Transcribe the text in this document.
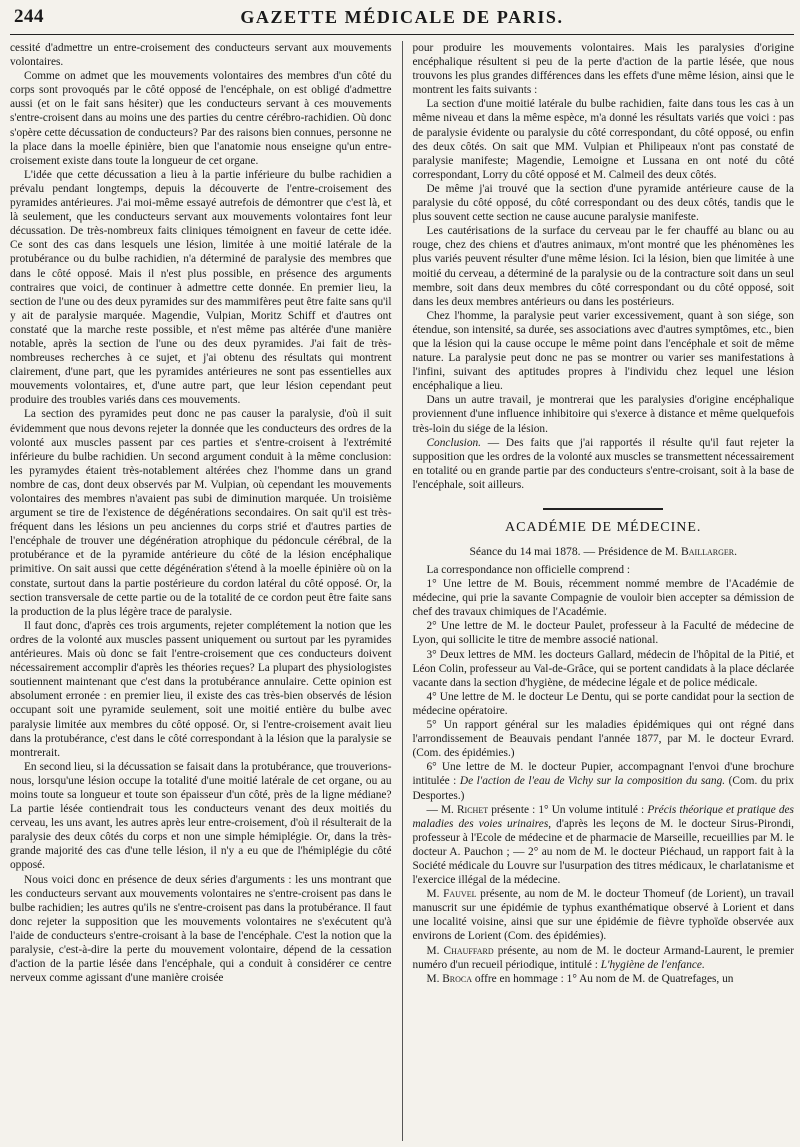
244	GAZETTE MÉDICALE DE PARIS.

cessité d'admettre un entre-croisement des conducteurs servant aux mouvements volontaires.

Comme on admet que les mouvements volontaires des membres d'un côté du corps sont provoqués par le côté opposé de l'encéphale, on est obligé d'admettre aussi (et on le fait sans hésiter) que les conducteurs servant à ces mouvements s'entre-croisent dans au moins une des parties du centre cérébro-rachidien. Où donc s'opère cette décussation de conducteurs? Par des raisons bien connues, personne ne la place dans la moelle épinière, bien que l'anatomie nous enseigne qu'un entre-croisement existe dans toute la longueur de cet organe.

L'idée que cette décussation a lieu à la partie inférieure du bulbe rachidien a prévalu pendant longtemps, depuis la découverte de l'entre-croisement des pyramides antérieures. J'ai moi-même essayé autrefois de démontrer que c'est là, et là seulement, que les conducteurs servant aux mouvements volontaires font leur décussation. De très-nombreux faits cliniques témoignent en faveur de cette idée. Ce sont des cas dans lesquels une lésion, limitée à une moitié latérale de la protubérance ou du bulbe rachidien, n'a déterminé de paralysie des membres que dans le côté opposé. Mais il n'est plus possible, en présence des arguments contraires que voici, de continuer à admettre cette donnée. En premier lieu, la section de l'une ou des deux pyramides sur des mammifères peut être faite sans qu'il y ait de paralysie marquée. Magendie, Vulpian, Moritz Schiff et d'autres ont constaté que la marche reste possible, et n'est même pas altérée d'une manière notable, après la section de l'une ou des deux pyramides. J'ai fait de très-nombreuses recherches à ce sujet, et j'ai obtenu des résultats qui montrent clairement, d'une part, que les pyramides antérieures ne sont pas essentielles aux mouvements volontaires, et, d'une autre part, que leur lésion cependant peut produire des troubles variés dans ces mouvements.

La section des pyramides peut donc ne pas causer la paralysie, d'où il suit évidemment que nous devons rejeter la donnée que les conducteurs des ordres de la volonté aux muscles passent par ces parties et s'entre-croisent à l'extrémité inférieure du bulbe rachidien. Un second argument conduit à la même conclusion: les pyramydes étaient très-notablement altérées chez l'homme dans un grand nombre de cas, dont deux observés par M. Vulpian, où cependant les mouvements volontaires des membres n'avaient pas subi de diminution marquée. Un troisième argument se tire de l'existence de dégénérations secondaires. On sait qu'il est très-fréquent dans les lésions un peu anciennes du corps strié et d'autres parties de l'encéphale de trouver une dégénération atrophique du pédoncule cérébral, de la protubérance et de la pyramide antérieure du côté de la lésion encéphalique primitive. On sait aussi que cette dégénération s'étend à la moelle épinière où on la constate, surtout dans la partie postérieure du cordon latéral du côté opposé. Or, la section transversale de cette partie ou de la totalité de ce cordon peut être faite sans la production de la plus légère trace de paralysie.

Il faut donc, d'après ces trois arguments, rejeter complétement la notion que les ordres de la volonté aux muscles passent uniquement ou surtout par les pyramides antérieures. Mais où donc se fait l'entre-croisement que ces conducteurs doivent nécessairement accomplir d'après les théories reçues? La plupart des physiologistes soutiennent maintenant que c'est dans la protubérance annulaire. Cette opinion est absolument erronée : en premier lieu, il existe des cas très-bien observés de lésion occupant soit une pyramide seulement, soit une moitié entière du bulbe avec paralysie limitée aux membres du côté opposé. Or, si l'entre-croisement avait lieu dans la protubérance, c'est dans le côté correspondant à la lésion que la paralysie se montrerait.

En second lieu, si la décussation se faisait dans la protubérance, que trouverions-nous, lorsqu'une lésion occupe la totalité d'une moitié latérale de cet organe, ou au moins toute sa longueur et toute son épaisseur d'un côté, près de la ligne médiane? La partie lésée contiendrait tous les conducteurs venant des deux moitiés du cerveau, les uns avant, les autres après leur entre-croisement, d'où il résulterait de la paralysie des deux côtés du corps et non une simple hémiplégie. Or, dans la très-grande majorité des cas d'une telle lésion, il n'y a eu que de l'hémiplégie du côté opposé.

Nous voici donc en présence de deux séries d'arguments : les uns montrant que les conducteurs servant aux mouvements volontaires ne s'entre-croisent pas dans le bulbe rachidien; les autres qu'ils ne s'entre-croisent pas dans la protubérance. Il faut donc rejeter la supposition que les mouvements volontaires ne s'exécutent qu'à l'aide de conducteurs s'entre-croisant à la base de l'encéphale. C'est la notion que la paralysie, c'est-à-dire la perte du mouvement volontaire, dépend de la cessation d'action de la partie lésée dans l'encéphale, qui a conduit à considérer ce centre nerveux comme agissant d'une manière croisée

pour produire les mouvements volontaires. Mais les paralysies d'origine encéphalique résultent si peu de la perte d'action de la partie lésée, que nous trouvons les plus grandes différences dans les effets d'une même lésion, ainsi que le montrent les faits suivants :

La section d'une moitié latérale du bulbe rachidien, faite dans tous les cas à un même niveau et dans la même espèce, m'a donné les résultats variés que voici : pas de paralysie évidente ou paralysie du côté correspondant, du côté opposé, ou enfin des deux côtés. On sait que MM. Vulpian et Philipeaux n'ont pas constaté de paralysie manifeste; Magendie, Lemoigne et Lussana en ont noté du côté correspondant, Lorry du côté opposé et M. Calmeil des deux côtés.

De même j'ai trouvé que la section d'une pyramide antérieure cause de la paralysie du côté opposé, du côté correspondant ou des deux côtés, tandis que le plus souvent cette section ne cause aucune paralysie manifeste.

Les cautérisations de la surface du cerveau par le fer chauffé au blanc ou au rouge, chez des chiens et d'autres animaux, m'ont montré que les phénomènes les plus variés peuvent résulter d'une même lésion. Ici la lésion, bien que limitée à une moitié du cerveau, a déterminé de la paralysie ou de la contracture soit dans un seul membre, soit dans deux membres du côté correspondant ou du côté opposé, soit dans les deux membres antérieurs ou dans les postérieurs.

Chez l'homme, la paralysie peut varier excessivement, quant à son siége, son étendue, son intensité, sa durée, ses associations avec d'autres symptômes, etc., bien que la lésion qui la cause occupe le même point dans l'encéphale et soit de même nature. La paralysie peut donc ne pas se montrer ou varier ses manifestations à l'infini, suivant des aptitudes propres à l'individu chez lequel une lésion encéphalique a lieu.

Dans un autre travail, je montrerai que les paralysies d'origine encéphalique proviennent d'une influence inhibitoire qui s'exerce à distance et même quelquefois très-loin du siége de la lésion.

Conclusion. — Des faits que j'ai rapportés il résulte qu'il faut rejeter la supposition que les ordres de la volonté aux muscles se transmettent nécessairement en totalité ou en grande partie par des conducteurs s'entre-croisant, soit à la base de l'encéphale, soit ailleurs.

ACADÉMIE DE MÉDECINE.
Séance du 14 mai 1878. — Présidence de M. Baillarger.

La correspondance non officielle comprend :

1° Une lettre de M. Bouis, récemment nommé membre de l'Académie de médecine, qui prie la savante Compagnie de vouloir bien accepter sa démission de chef des travaux chimiques de l'Académie.

2° Une lettre de M. le docteur Paulet, professeur à la Faculté de médecine de Lyon, qui sollicite le titre de membre associé national.

3° Deux lettres de MM. les docteurs Gallard, médecin de l'hôpital de la Pitié, et Léon Colin, professeur au Val-de-Grâce, qui se portent candidats à la place déclarée vacante dans la section d'hygiène, de médecine légale et de police médicale.

4° Une lettre de M. le docteur Le Dentu, qui se porte candidat pour la section de médecine opératoire.

5° Un rapport général sur les maladies épidémiques qui ont régné dans l'arrondissement de Beauvais pendant l'année 1877, par M. le docteur Evrard. (Com. des épidémies.)

6° Une lettre de M. le docteur Pupier, accompagnant l'envoi d'une brochure intitulée : De l'action de l'eau de Vichy sur la composition du sang. (Com. du prix Desportes.)

— M. Richet présente : 1° Un volume intitulé : Précis théorique et pratique des maladies des voies urinaires, d'après les leçons de M. le docteur Sirus-Pirondi, professeur à l'Ecole de médecine et de pharmacie de Marseille, recueillies par M. le docteur A. Pauchon ; — 2° au nom de M. le docteur Piéchaud, un rapport fait à la Société médicale du Louvre sur l'usurpation des titres médicaux, le charlatanisme et l'exercice illégal de la médecine.

M. Fauvel présente, au nom de M. le docteur Thomeuf (de Lorient), un travail manuscrit sur une épidémie de typhus exanthématique observé à Lorient et dans une localité voisine, ainsi que sur une épidémie de fièvre typhoïde observée aux environs de Lorient (Com. des épidémies).

M. Chauffard présente, au nom de M. le docteur Armand-Laurent, le premier numéro d'un recueil périodique, intitulé : L'hygiène de l'enfance.

M. Broca offre en hommage : 1° Au nom de M. de Quatrefages, un
